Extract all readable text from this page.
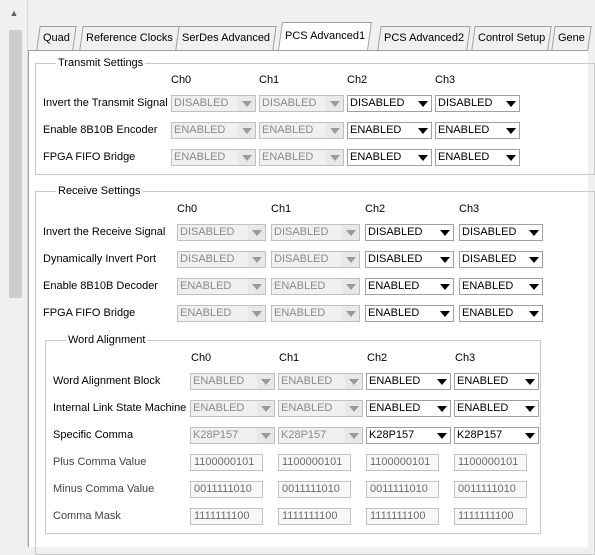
▲
Quad	Reference Clocks SerDes Advanced	PCS Advanced1	PCS Advanced2	Control Setup	Gene
Transmit Settings
Ch0	Ch1	Ch2	Ch3
Invert the Transmit Signal DISABLED	DISABLED	DISABLED	DISABLED
Enable 8B10B Encoder ENABLED	ENABLED	ENABLED	ENABLED
FPGA FIFO Bridge	ENABLED	ENABLED	ENABLED	ENABLED
Receive Settings
Ch0	Ch1	Ch2	Ch3
Invert the Receive Signal DISABLED	DISABLED	DISABLED	DISABLED
Dynamically Invert Port DISABLED	DISABLED	DISABLED	DISABLED
Enable 8B10B Decoder ENABLED	ENABLED	ENABLED	ENABLED
FPGA FIFO Bridge	ENABLED	ENABLED	ENABLED	ENABLED
Word Alignment
Ch0	Ch1	Ch2	Ch3
Word Alignment Block	ENABLED	ENABLED	ENABLED	ENABLED
Internal Link State Machine ENABLED	ENABLED	ENABLED	ENABLED
Specific Comma	K28P157	K28P157	K28P157	K28P157
Plus Comma Value	1100000101	1100000101	1100000101	1100000101
Minus Comma Value	0011111010	0011111010	0011111010	0011111010
Comma Mask	1111111100	1111111100	1111111100	1111111100
